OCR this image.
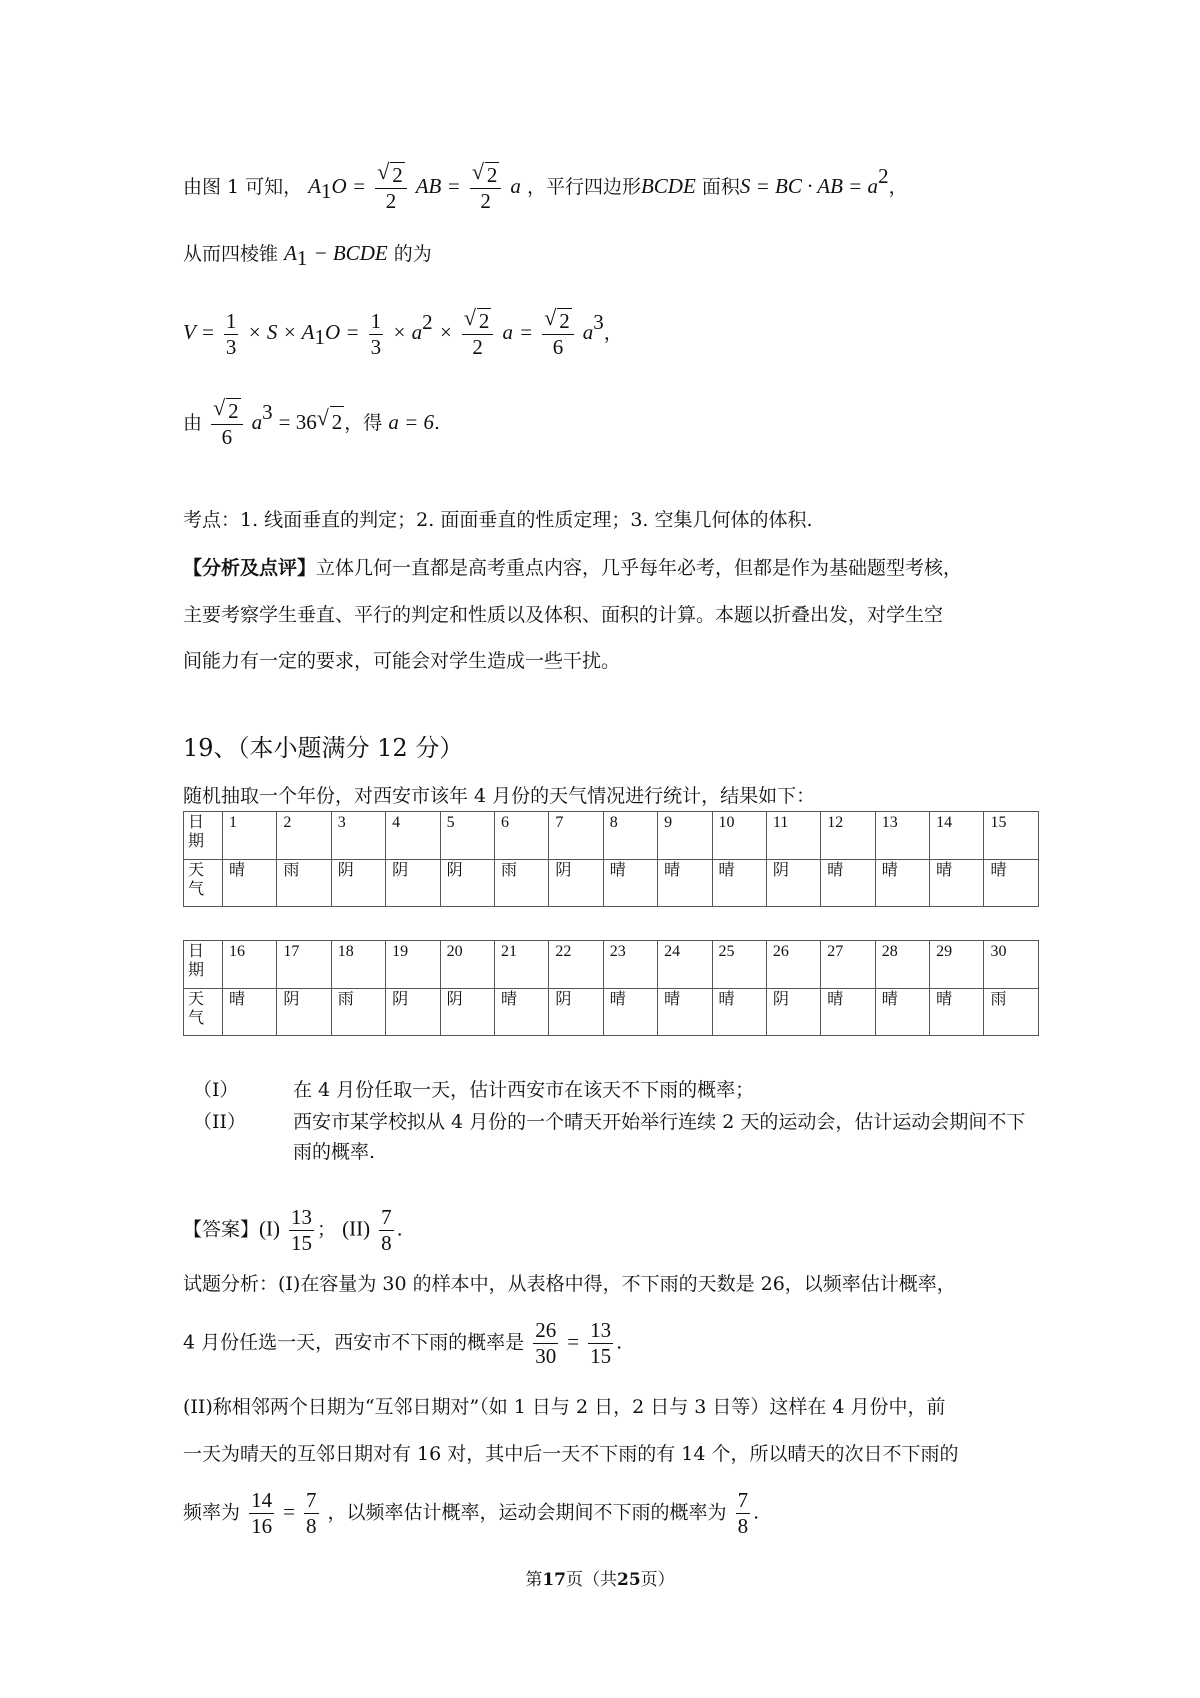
由图 1 可知， $A_1O = \frac{√ 2}{2}$ AB = $\frac{√ 2}{2}$ a ，平行四边形BCDE 面积S = BC · AB = $a^2$，
从而四棱锥 $A_1$ − BCDE 的为
$V = \frac{1}{3} \times S \times A_1O = \frac{1}{3} \times a^2 \times \frac{√ 2}{2}$ $a = \frac{√ 2}{6} a^3$，
由 $\frac{√ 2}{6} a^3 = 36$ √ 2 ，得 a = 6.
考点：1. 线面垂直的判定；2. 面面垂直的性质定理；3. 空集几何体的体积.
【分析及点评】立体几何一直都是高考重点内容，几乎每年必考，但都是作为基础题型考核，
主要考察学生垂直、平行的判定和性质以及体积、面积的计算。本题以折叠出发，对学生空
间能力有一定的要求，可能会对学生造成一些干扰。
19、（本小题满分 12 分）
随机抽取一个年份，对西安市该年 4 月份的天气情况进行统计，结果如下：
日期	1	2	3	4	5	6	7	8	9	10	11	12	13	14	15
天气	晴	雨	阴	阴	阴	雨	阴	晴	晴	晴	阴	晴	晴	晴	晴
日期	16	17	18	19	20	21	22	23	24	25	26	27	28	29	30
天气	晴	阴	雨	阴	阴	晴	阴	晴	晴	晴	阴	晴	晴	晴	雨
（I）	在 4 月份任取一天，估计西安市在该天不下雨的概率；
（II）	西安市某学校拟从 4 月份的一个晴天开始举行连续 2 天的运动会，估计运动会期间不下雨的概率.
【答案】$(I) \frac{13}{15}$ ； $(II) \frac{7}{8}$ .
试题分析：(I)在容量为 30 的样本中，从表格中得，不下雨的天数是 26，以频率估计概率，
4 月份任选一天，西安市不下雨的概率是 $\frac{26}{30} = \frac{13}{15}$ .
(II)称相邻两个日期为“互邻日期对”（如 1 日与 2 日，2 日与 3 日等）这样在 4 月份中，前
一天为晴天的互邻日期对有 16 对，其中后一天不下雨的有 14 个，所以晴天的次日不下雨的
频率为 $\frac{14}{16} = \frac{7}{8}$ ，以频率估计概率，运动会期间不下雨的概率为 $\frac{7}{8}$ .
第17页（共25页）
